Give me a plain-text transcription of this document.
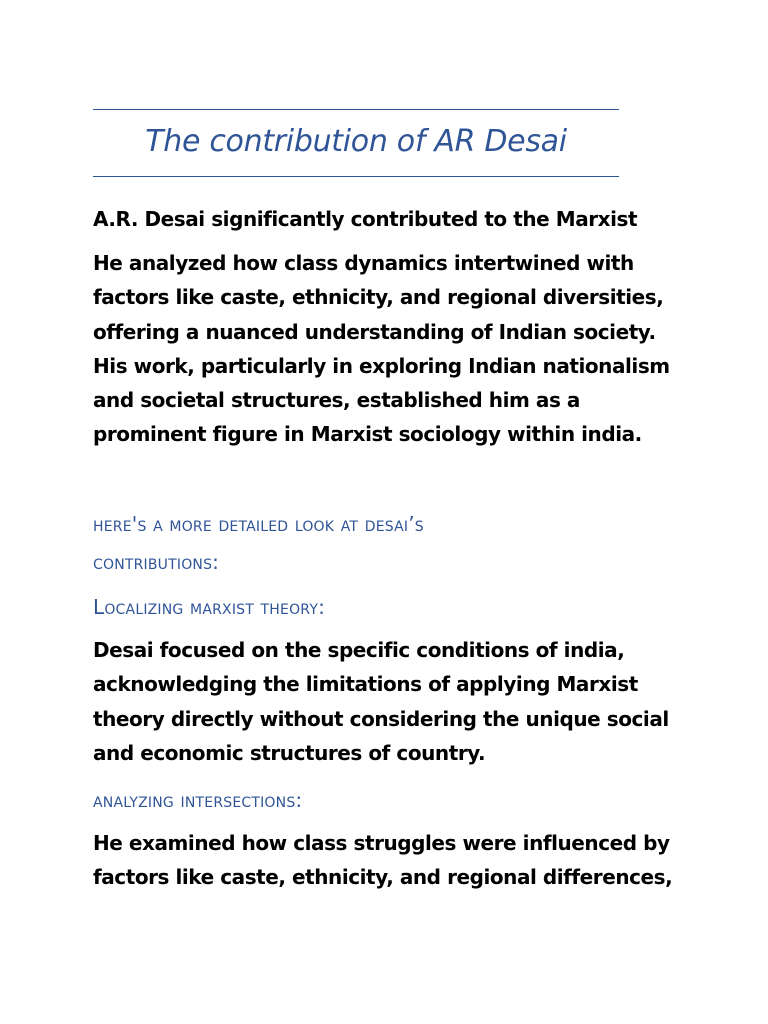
The contribution of AR Desai
A.R. Desai significantly contributed to the Marxist
He analyzed how class dynamics intertwined with
factors like caste, ethnicity, and regional diversities,
offering a nuanced understanding of Indian society.
His work, particularly in exploring Indian nationalism
and societal structures, established him as a
prominent figure in Marxist sociology within india.
here's a more detailed look at desai’s
contributions:
Localizing marxist theory:
Desai focused on the specific conditions of india,
acknowledging the limitations of applying Marxist
theory directly without considering the unique social
and economic structures of country.
analyzing intersections:
He examined how class struggles were influenced by
factors like caste, ethnicity, and regional differences,
